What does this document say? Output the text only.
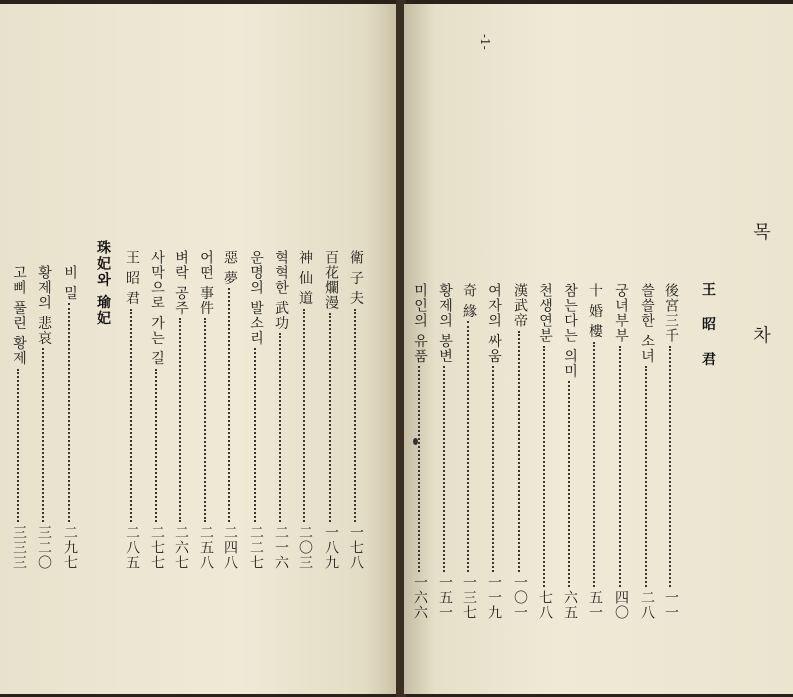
-1-
목 차
王 昭 君
珠妃와 瑜妃	後宮三千
一一
쓸쓸한 소녀
二八
궁녀부부
四〇
十 婚 樓
五一
참는다는 의미
六五
천생연분
七八
漢武帝
一〇一
여자의 싸움
一一九
奇 緣
一三七
황제의 봉변
一五一
미인의 유품
一六六
衛 子 夫
一七八
百花爛漫
一八九
神 仙 道
二〇三
혁혁한 武功
二一六
운명의 발소리
二二七
惡 夢
二四八
어떤 事件
二五八
벼락 공주
二六七
사막으로 가는 길
二七七
王 昭 君
二八五
비 밀
二九七
황제의 悲哀
三二〇
고삐 풀린 황제
三三三
